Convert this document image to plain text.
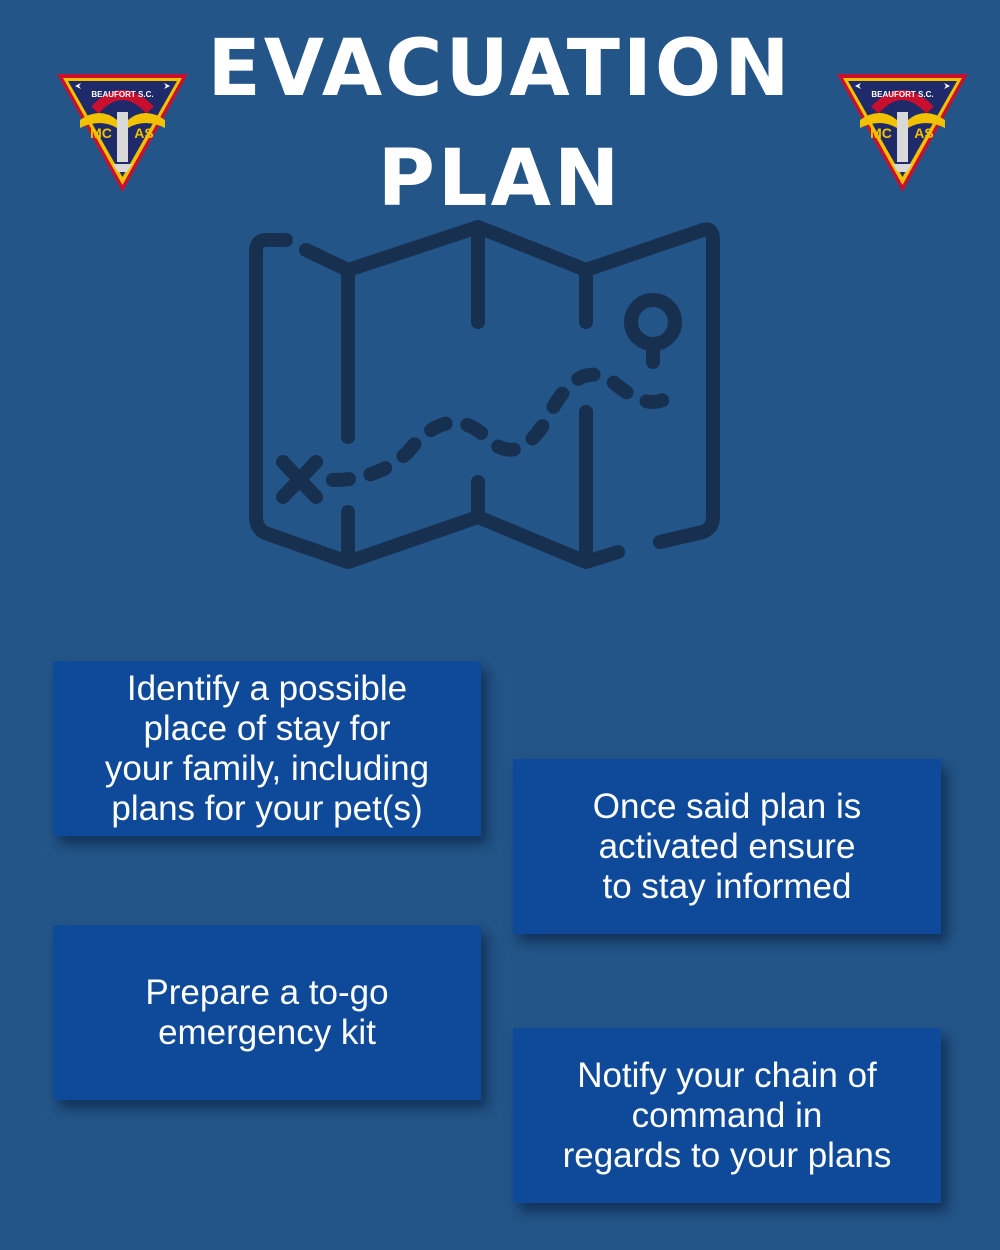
EVACUATION
PLAN
BEAUFORT S.C.
MC AS
BEAUFORT S.C.
MC AS

Identify a possible
place of stay for
your family, including
plans for your pet(s)	Once said plan is
activated ensure
to stay informed

Prepare a to-go
emergency kit

Notify your chain of
command in
regards to your plans
